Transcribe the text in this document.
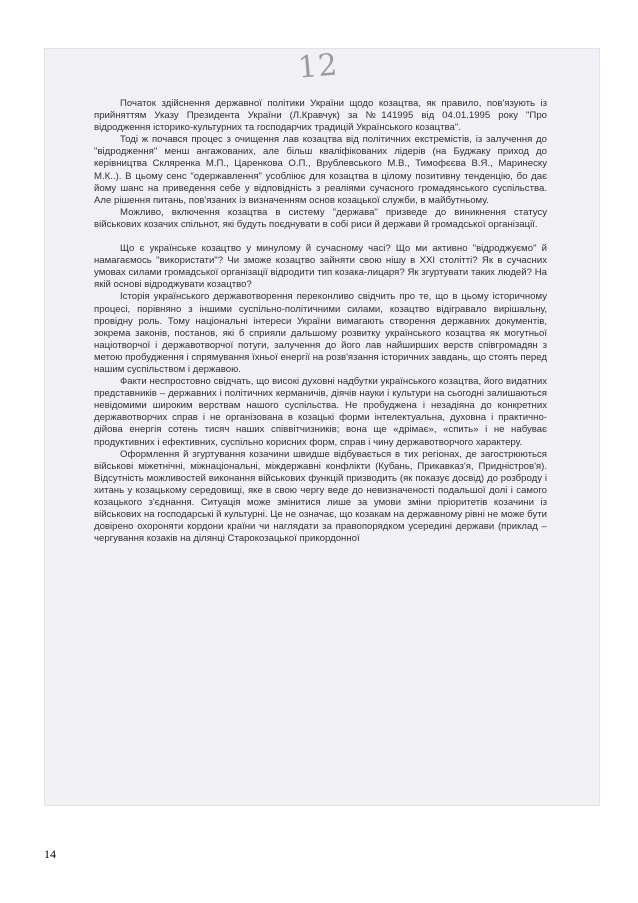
12

Початок здійснення державної політики України щодо козацтва, як правило, пов'язують із прийняттям Указу Президента України (Л.Кравчук) за №141995 від 04.01.1995 року "Про відродження історико-культурних та господарчих традицій Українського козацтва".

Тоді ж почався процес з очищення лав козацтва від політичних екстремістів, із залучення до "відродження" менш ангажованих, але більш кваліфікованих лідерів (на Буджаку приход до керівництва Скляренка М.П., Царенкова О.П., Врублевського М.В., Тимофєєва В.Я., Маринеску М.К..). В цьому сенс "одержавлення" усобліює для козацтва в цілому позитивну тенденцію, бо дає йому шанс на приведення себе у відповідність з реаліями сучасного громадянського суспільства. Але рішення питань, пов'язаних із визначенням основ козацької служби, в майбутньому.

Можливо, включення козацтва в систему "держава" призведе до виникнення статусу військових козачих спільнот, які будуть поєднувати в собі риси й держави й громадської організації.

Що є українське козацтво у минулому й сучасному часі? Що ми активно "відроджуємо" й намагаємось "використати"? Чи зможе козацтво зайняти свою нішу в XXI столітті? Як в сучасних умовах силами громадської організації відродити тип козака-лицаря? Як згуртувати таких людей? На якій основі відроджувати козацтво?

Історія українського державотворення переконливо свідчить про те, що в цьому історичному процесі, порівняно з іншими суспільно-політичними силами, козацтво відігравало вирішальну, провідну роль. Тому національні інтереси України вимагають створення державних документів, зокрема законів, постанов, які б сприяли дальшому розвитку українського козацтва як могутньої націотворчої і державотворчої потуги, залучення до його лав найширших верств співгромадян з метою пробудження і спрямування їхньої енергії на розв'язання історичних завдань, що стоять перед нашим суспільством і державою.

Факти неспростовно свідчать, що високі духовні надбутки українського козацтва, його видатних представників – державних і політичних керманичів, діячів науки і культури на сьогодні залишаються невідомими широким верствам нашого суспільства. Не пробуджена і незадіяна до конкретних державотворчих справ і не організована в козацькі форми інтелектуальна, духовна і практично-дійова енергія сотень тисяч наших співвітчизників; вона ще «дрімає», «спить» і не набуває продуктивних і ефективних, суспільно корисних форм, справ і чину державотворчого характеру.

Оформлення й згуртування козачини швидше відбувається в тих регіонах, де загострюються військові міжетнічні, міжнаціональні, міждержавні конфлікти (Кубань, Прикавказ'я, Придністров'я). Відсутність можливостей виконання військових функцій призводить (як показує досвід) до розброду і хитань у козацькому середовищі, яке в свою чергу веде до невизначеності подальшої долі і самого козацького з'єднання. Ситуація може змінитися лише за умови зміни пріоритетів козачини із військових на господарські й культурні. Це не означає, що козакам на державному рівні не може бути довірено охороняти кордони країни чи наглядати за правопорядком усередині держави (приклад – чергування козаків на ділянці Старокозацької прикордонної

14
